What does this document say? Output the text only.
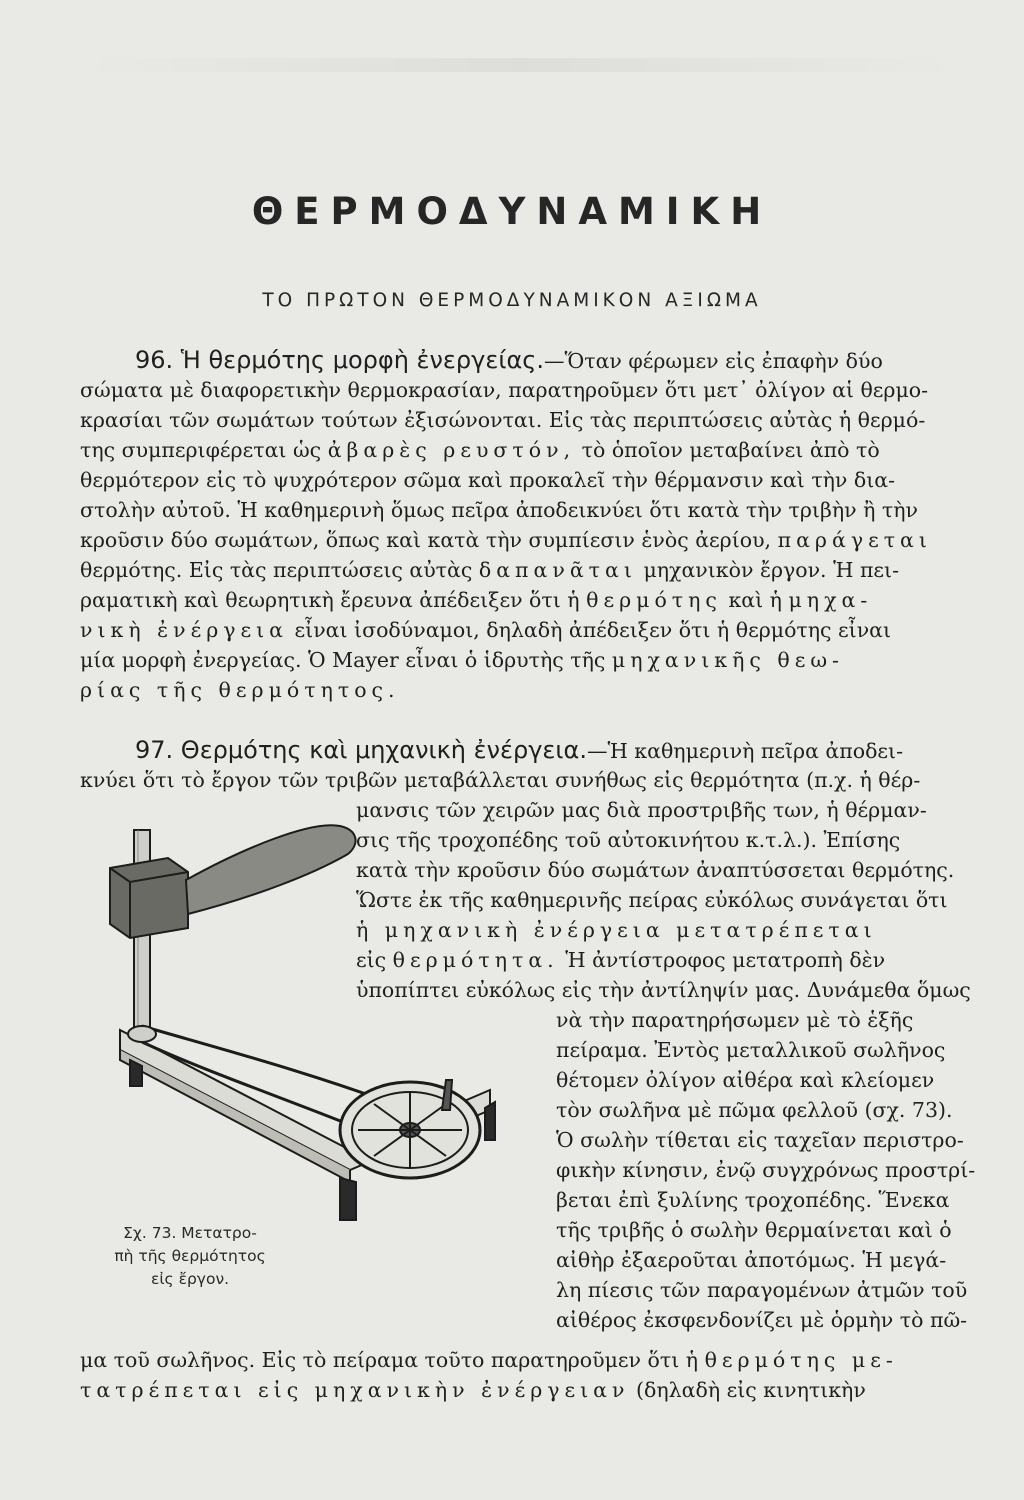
ΘΕΡΜΟΔΥΝΑΜΙΚΗ
ΤΟ ΠΡΩΤΟΝ ΘΕΡΜΟΔΥΝΑΜΙΚΟΝ ΑΞΙΩΜΑ
96. Ἡ θερμότης μορφὴ ἐνεργείας.—Ὅταν φέρωμεν εἰς ἐπαφὴν δύο
σώματα μὲ διαφορετικὴν θερμοκρασίαν, παρατηροῦμεν ὅτι μετ᾽ ὀλίγον αἱ θερμο-
κρασίαι τῶν σωμάτων τούτων ἐξισώνονται. Εἰς τὰς περιπτώσεις αὐτὰς ἡ θερμό-
της συμπεριφέρεται ὡς ἀβαρὲς ρευστόν, τὸ ὁποῖον μεταβαίνει ἀπὸ τὸ
θερμότερον εἰς τὸ ψυχρότερον σῶμα καὶ προκαλεῖ τὴν θέρμανσιν καὶ τὴν δια-
στολὴν αὐτοῦ. Ἡ καθημερινὴ ὅμως πεῖρα ἀποδεικνύει ὅτι κατὰ τὴν τριβὴν ἢ τὴν
κροῦσιν δύο σωμάτων, ὅπως καὶ κατὰ τὴν συμπίεσιν ἑνὸς ἀερίου, παράγεται
θερμότης. Εἰς τὰς περιπτώσεις αὐτὰς δαπανᾶται μηχανικὸν ἔργον. Ἡ πει-
ραματικὴ καὶ θεωρητικὴ ἔρευνα ἀπέδειξεν ὅτι ἡ θερμότης καὶ ἡ μηχα-
νικὴ ἐνέργεια εἶναι ἰσοδύναμοι, δηλαδὴ ἀπέδειξεν ὅτι ἡ θερμότης εἶναι
μία μορφὴ ἐνεργείας. Ὁ Mayer εἶναι ὁ ἱδρυτὴς τῆς μηχανικῆς θεω-
ρίας τῆς θερμότητος.
97. Θερμότης καὶ μηχανικὴ ἐνέργεια.—Ἡ καθημερινὴ πεῖρα ἀποδει-
κνύει ὅτι τὸ ἔργον τῶν τριβῶν μεταβάλλεται συνήθως εἰς θερμότητα (π.χ. ἡ θέρ-
μανσις τῶν χειρῶν μας διὰ προστριβῆς των, ἡ θέρμαν-
σις τῆς τροχοπέδης τοῦ αὐτοκινήτου κ.τ.λ.). Ἐπίσης
κατὰ τὴν κροῦσιν δύο σωμάτων ἀναπτύσσεται θερμότης.
Ὥστε ἐκ τῆς καθημερινῆς πείρας εὐκόλως συνάγεται ὅτι
ἡ μηχανικὴ ἐνέργεια μετατρέπεται
εἰς θερμότητα. Ἡ ἀντίστροφος μετατροπὴ δὲν
ὑποπίπτει εὐκόλως εἰς τὴν ἀντίληψίν μας. Δυνάμεθα ὅμως
νὰ τὴν παρατηρήσωμεν μὲ τὸ ἑξῆς
πείραμα. Ἐντὸς μεταλλικοῦ σωλῆνος
θέτομεν ὀλίγον αἰθέρα καὶ κλείομεν
τὸν σωλῆνα μὲ πῶμα φελλοῦ (σχ. 73).
Ὁ σωλὴν τίθεται εἰς ταχεῖαν περιστρο-
φικὴν κίνησιν, ἐνῷ συγχρόνως προστρί-
βεται ἐπὶ ξυλίνης τροχοπέδης. Ἕνεκα
τῆς τριβῆς ὁ σωλὴν θερμαίνεται καὶ ὁ
αἰθὴρ ἐξαεροῦται ἀποτόμως. Ἡ μεγά-
λη πίεσις τῶν παραγομένων ἀτμῶν τοῦ
αἰθέρος ἐκσφενδονίζει μὲ ὁρμὴν τὸ πῶ-
μα τοῦ σωλῆνος. Εἰς τὸ πείραμα τοῦτο παρατηροῦμεν ὅτι ἡ θερμότης με-
τατρέπεται εἰς μηχανικὴν ἐνέργειαν (δηλαδὴ εἰς κινητικὴν
Σχ. 73. Μετατρο-
πὴ τῆς θερμότητος
εἰς ἔργον.
